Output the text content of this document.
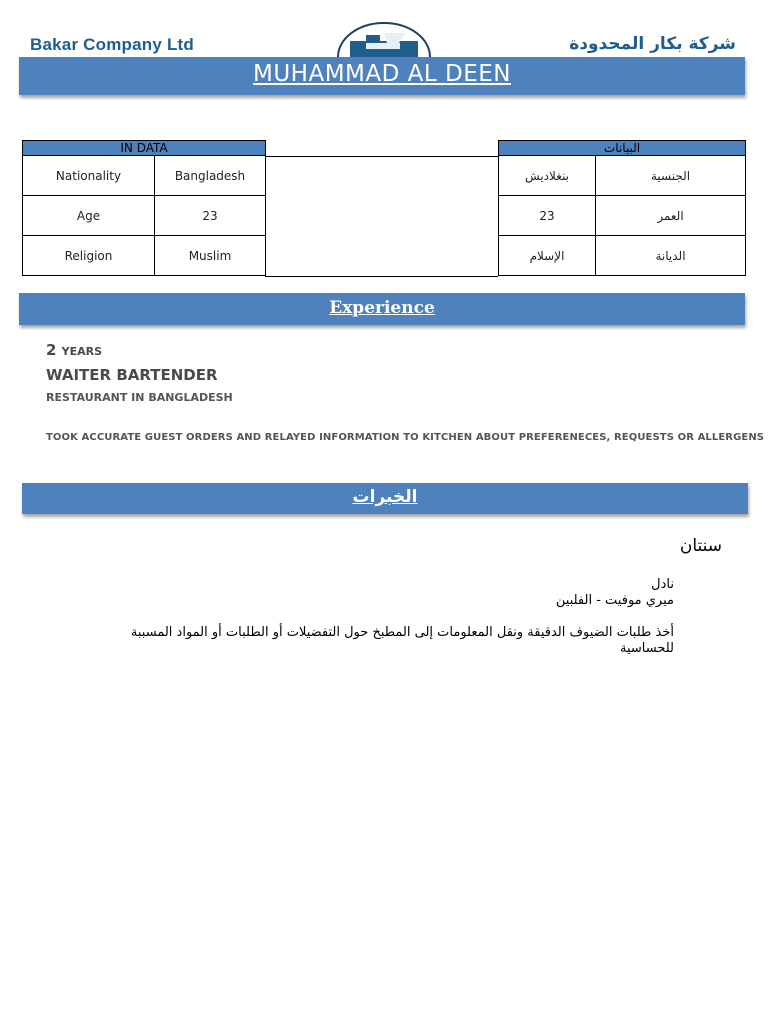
Bakar Company Ltd	شركة بكار المحدودة
MUHAMMAD AL DEEN
IN DATA	
Nationality	Bangladesh
Age	23
Religion	Muslim
البيانات	
الجنسية	بنغلاديش
العمر	23
الديانة	الإسلام
Experience
2 YEARS
WAITER BARTENDER
RESTAURANT IN BANGLADESH
TOOK ACCURATE GUEST ORDERS AND RELAYED INFORMATION TO KITCHEN ABOUT PREFERENECES, REQUESTS OR ALLERGENS
الخبرات
سنتان

نادل

ميري موفيت - الفلبين

أخذ طلبات الضيوف الدقيقة ونقل المعلومات إلى المطبخ حول التفضيلات أو الطلبات أو المواد المسببة للحساسية
